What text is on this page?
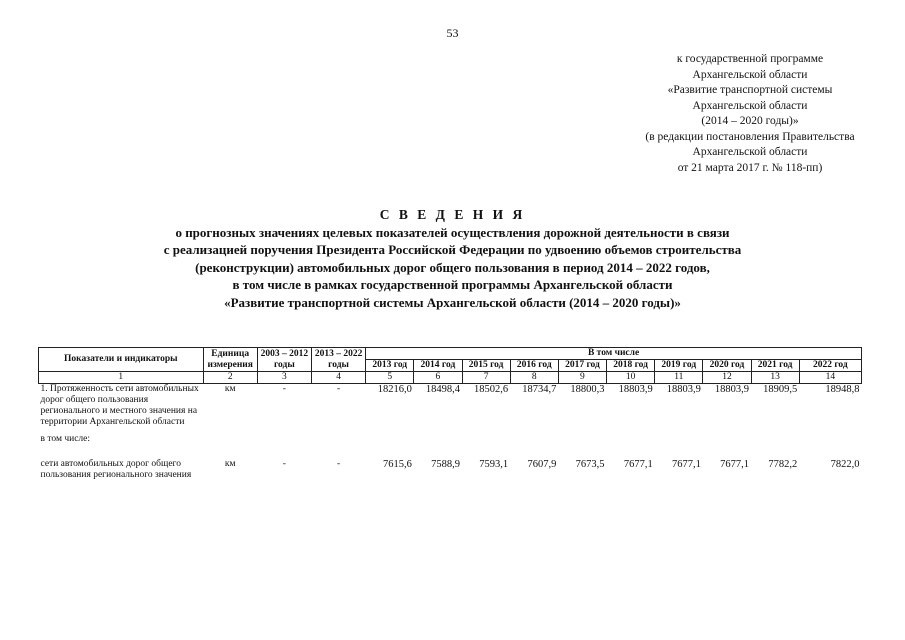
53
к государственной программе
Архангельской области
«Развитие транспортной системы
Архангельской области
(2014 – 2020 годы)»
(в редакции постановления Правительства
Архангельской области
от 21 марта 2017 г. № 118-пп)
С В Е Д Е Н И Я
о прогнозных значениях целевых показателей осуществления дорожной деятельности в связи
с реализацией поручения Президента Российской Федерации по удвоению объемов строительства
(реконструкции) автомобильных дорог общего пользования в период 2014 – 2022 годов,
в том числе в рамках государственной программы Архангельской области
«Развитие транспортной системы Архангельской области (2014 – 2020 годы)»
Показатели и индикаторы	Единица измерения	2003 – 2012 годы	2013 – 2022 годы	В том числе									
				2013 год	2014 год	2015 год	2016 год	2017 год	2018 год	2019 год	2020 год	2021 год	2022 год
1	2	3	4	5	6	7	8	9	10	11	12	13	14
1. Протяженность сети автомобильных дорог общего пользования регионального и местного значения на территории Архангельской области	км	-	-	18216,0	18498,4	18502,6	18734,7	18800,3	18803,9	18803,9	18803,9	18909,5	18948,8
в том числе:													
сети автомобильных дорог общего пользования регионального значения	км	-	-	7615,6	7588,9	7593,1	7607,9	7673,5	7677,1	7677,1	7677,1	7782,2	7822,0
